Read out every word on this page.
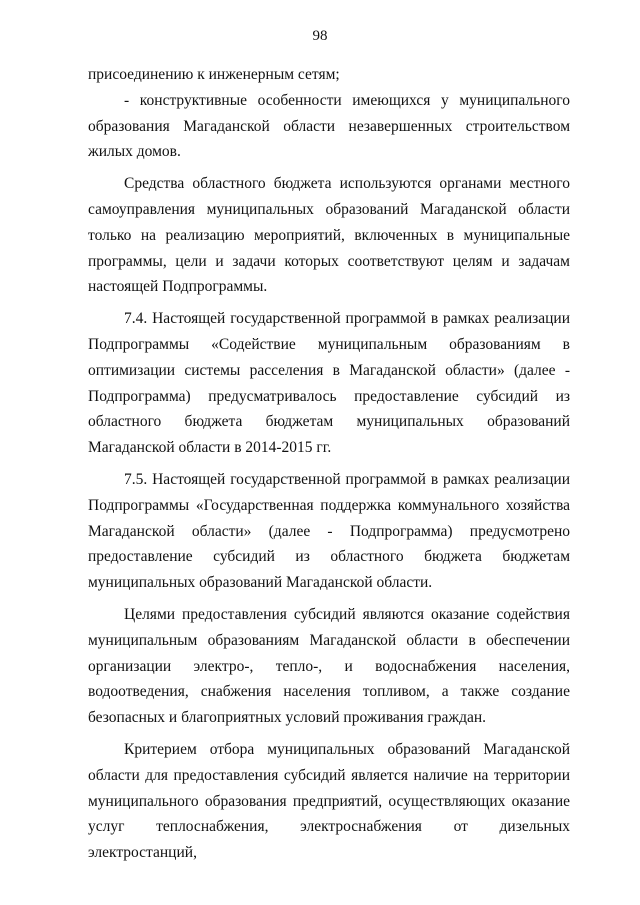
98

присоединению к инженерным сетям;

- конструктивные особенности имеющихся у муниципального образования Магаданской области незавершенных строительством жилых домов.

Средства областного бюджета используются органами местного самоуправления муниципальных образований Магаданской области только на реализацию мероприятий, включенных в муниципальные программы, цели и задачи которых соответствуют целям и задачам настоящей Подпрограммы.

7.4. Настоящей государственной программой в рамках реализации Подпрограммы «Содействие муниципальным образованиям в оптимизации системы расселения в Магаданской области» (далее - Подпрограмма) предусматривалось предоставление субсидий из областного бюджета бюджетам муниципальных образований Магаданской области в 2014-2015 гг.

7.5. Настоящей государственной программой в рамках реализации Подпрограммы «Государственная поддержка коммунального хозяйства Магаданской области» (далее - Подпрограмма) предусмотрено предоставление субсидий из областного бюджета бюджетам муниципальных образований Магаданской области.

Целями предоставления субсидий являются оказание содействия муниципальным образованиям Магаданской области в обеспечении организации электро-, тепло-, и водоснабжения населения, водоотведения, снабжения населения топливом, а также создание безопасных и благоприятных условий проживания граждан.

Критерием отбора муниципальных образований Магаданской области для предоставления субсидий является наличие на территории муниципального образования предприятий, осуществляющих оказание услуг теплоснабжения, электроснабжения от дизельных электростанций,
